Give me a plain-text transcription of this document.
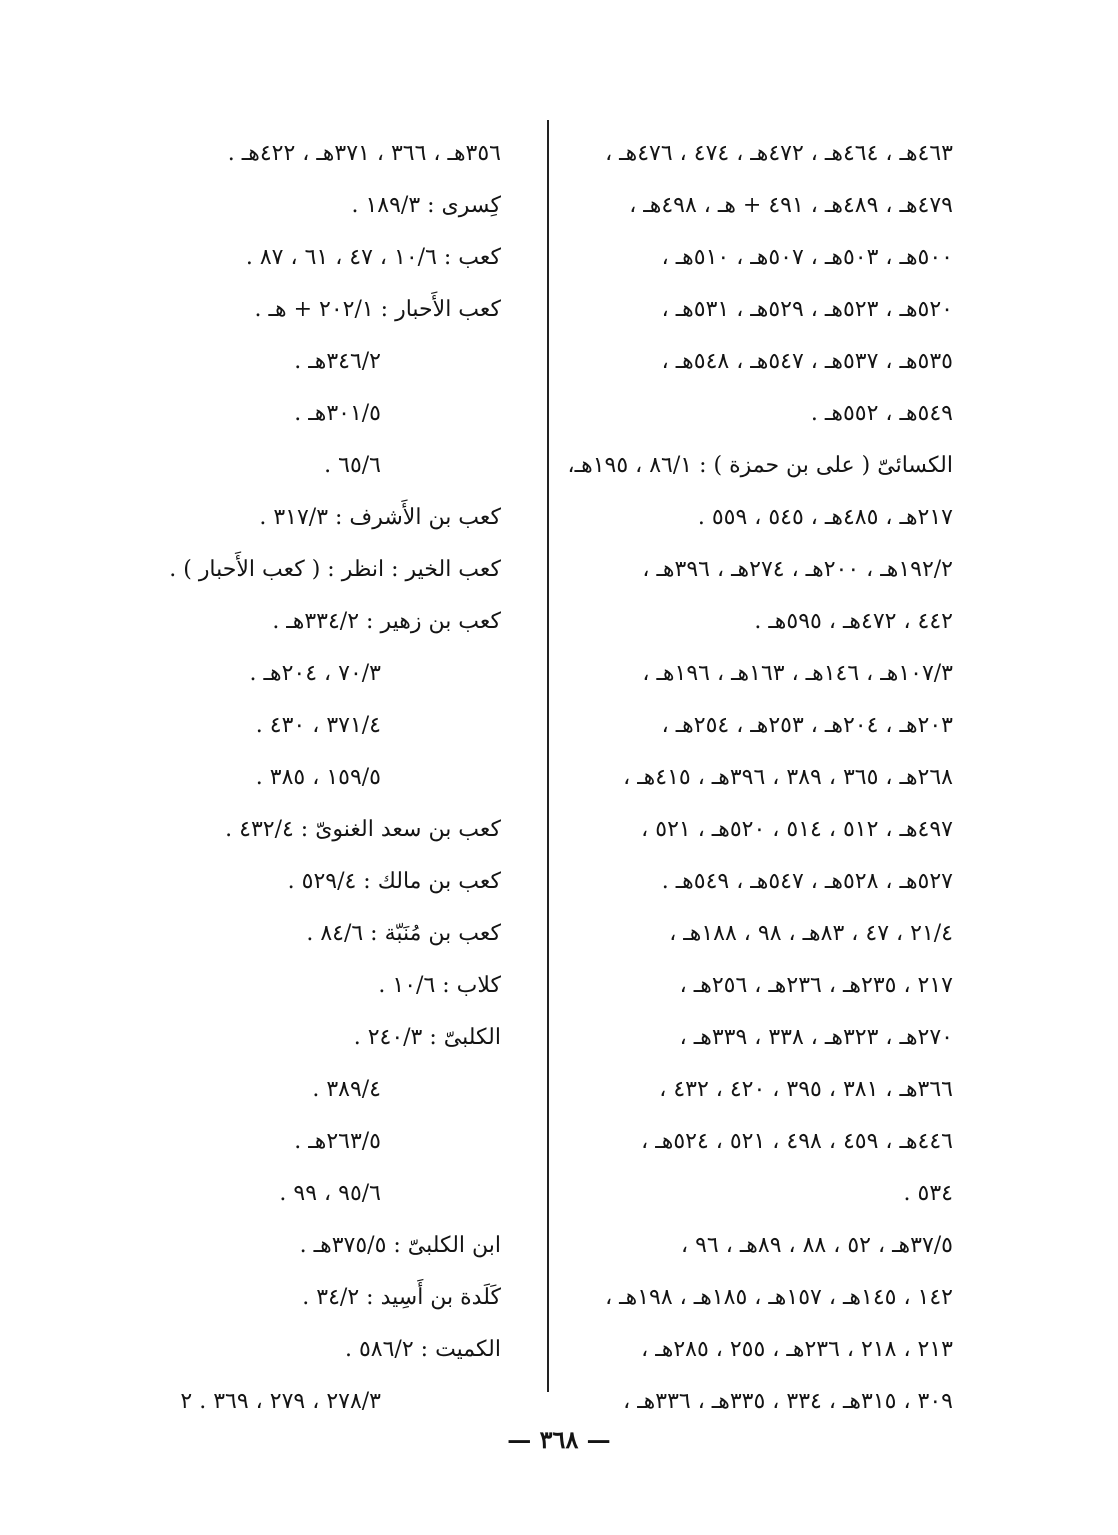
٤٦٣هـ ، ٤٦٤هـ ، ٤٧٢هـ ، ٤٧٤ ، ٤٧٦هـ ،
٤٧٩هـ ، ٤٨٩هـ ، ٤٩١ + هـ ، ٤٩٨هـ ،
٥٠٠هـ ، ٥٠٣هـ ، ٥٠٧هـ ، ٥١٠هـ ،
٥٢٠هـ ، ٥٢٣هـ ، ٥٢٩هـ ، ٥٣١هـ ،
٥٣٥هـ ، ٥٣٧هـ ، ٥٤٧هـ ، ٥٤٨هـ ،
٥٤٩هـ ، ٥٥٢هـ .
الكسائىّ ( على بن حمزة ) : ٨٦/١ ، ١٩٥هـ،
٢١٧هـ ، ٤٨٥هـ ، ٥٤٥ ، ٥٥٩ .
١٩٢/٢هـ ، ٢٠٠هـ ، ٢٧٤هـ ، ٣٩٦هـ ،
٤٤٢ ، ٤٧٢هـ ، ٥٩٥هـ .
١٠٧/٣هـ ، ١٤٦هـ ، ١٦٣هـ ، ١٩٦هـ ،
٢٠٣هـ ، ٢٠٤هـ ، ٢٥٣هـ ، ٢٥٤هـ ،
٢٦٨هـ ، ٣٦٥ ، ٣٨٩ ، ٣٩٦هـ ، ٤١٥هـ ،
٤٩٧هـ ، ٥١٢ ، ٥١٤ ، ٥٢٠هـ ، ٥٢١ ،
٥٢٧هـ ، ٥٢٨هـ ، ٥٤٧هـ ، ٥٤٩هـ .
٢١/٤ ، ٤٧ ، ٨٣هـ ، ٩٨ ، ١٨٨هـ ،
٢١٧ ، ٢٣٥هـ ، ٢٣٦هـ ، ٢٥٦هـ ،
٢٧٠هـ ، ٣٢٣هـ ، ٣٣٨ ، ٣٣٩هـ ،
٣٦٦هـ ، ٣٨١ ، ٣٩٥ ، ٤٢٠ ، ٤٣٢ ،
٤٤٦هـ ، ٤٥٩ ، ٤٩٨ ، ٥٢١ ، ٥٢٤هـ ،
٥٣٤ .
٣٧/٥هـ ، ٥٢ ، ٨٨ ، ٨٩هـ ، ٩٦ ،
١٤٢ ، ١٤٥هـ ، ١٥٧هـ ، ١٨٥هـ ، ١٩٨هـ ،
٢١٣ ، ٢١٨ ، ٢٣٦هـ ، ٢٥٥ ، ٢٨٥هـ ،
٣٠٩ ، ٣١٥هـ ، ٣٣٤ ، ٣٣٥هـ ، ٣٣٦هـ ،
٣٥٦هـ ، ٣٦٦ ، ٣٧١هـ ، ٤٢٢هـ .
كِسرى : ١٨٩/٣ .
كعب : ١٠/٦ ، ٤٧ ، ٦١ ، ٨٧ .
كعب الأَحبار : ٢٠٢/١ + هـ .
٣٤٦/٢هـ .
٣٠١/٥هـ .
٦٥/٦ .
كعب بن الأَشرف : ٣١٧/٣ .
كعب الخير : انظر : ( كعب الأَحبار ) .
كعب بن زهير : ٣٣٤/٢هـ .
٧٠/٣ ، ٢٠٤هـ .
٣٧١/٤ ، ٤٣٠ .
١٥٩/٥ ، ٣٨٥ .
كعب بن سعد الغنوىّ : ٤٣٢/٤ .
كعب بن مالك : ٥٢٩/٤ .
كعب بن مُنَبّة : ٨٤/٦ .
كلاب : ١٠/٦ .
الكلبىّ : ٢٤٠/٣ .
٣٨٩/٤ .
٢٦٣/٥هـ .
٩٥/٦ ، ٩٩ .
ابن الكلبىّ : ٣٧٥/٥هـ .
كَلَدة بن أَسِيد : ٣٤/٢ .
الكميت : ٥٨٦/٢ .
٢٧٨/٣ ، ٢٧٩ ، ٣٦٩ . ٢
— ٣٦٨ —
